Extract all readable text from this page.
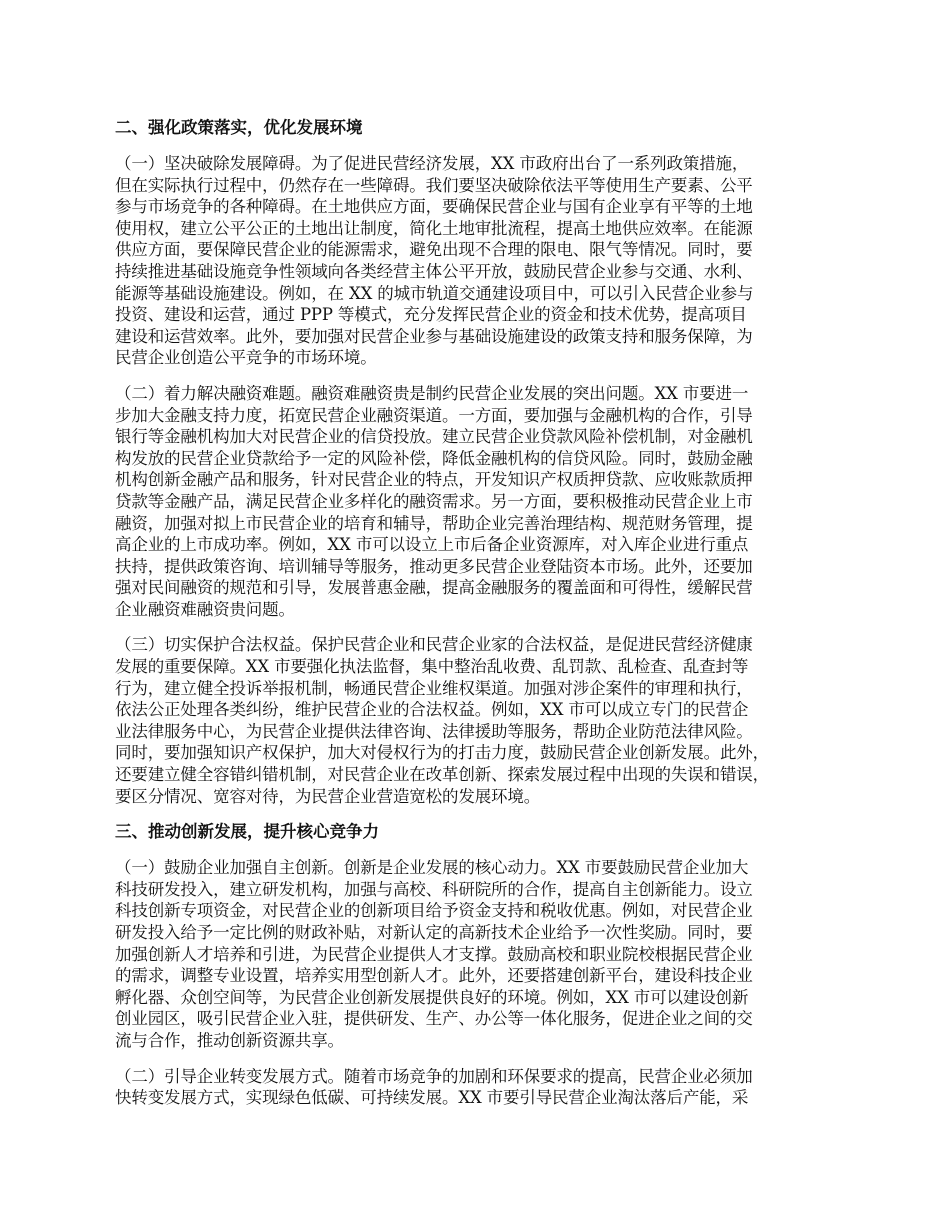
二、强化政策落实，优化发展环境
（一）坚决破除发展障碍。为了促进民营经济发展，XX 市政府出台了一系列政策措施，
但在实际执行过程中，仍然存在一些障碍。我们要坚决破除依法平等使用生产要素、公平
参与市场竞争的各种障碍。在土地供应方面，要确保民营企业与国有企业享有平等的土地
使用权，建立公平公正的土地出让制度，简化土地审批流程，提高土地供应效率。在能源
供应方面，要保障民营企业的能源需求，避免出现不合理的限电、限气等情况。同时，要
持续推进基础设施竞争性领域向各类经营主体公平开放，鼓励民营企业参与交通、水利、
能源等基础设施建设。例如，在 XX 的城市轨道交通建设项目中，可以引入民营企业参与
投资、建设和运营，通过 PPP 等模式，充分发挥民营企业的资金和技术优势，提高项目
建设和运营效率。此外，要加强对民营企业参与基础设施建设的政策支持和服务保障，为
民营企业创造公平竞争的市场环境。
（二）着力解决融资难题。融资难融资贵是制约民营企业发展的突出问题。XX 市要进一
步加大金融支持力度，拓宽民营企业融资渠道。一方面，要加强与金融机构的合作，引导
银行等金融机构加大对民营企业的信贷投放。建立民营企业贷款风险补偿机制，对金融机
构发放的民营企业贷款给予一定的风险补偿，降低金融机构的信贷风险。同时，鼓励金融
机构创新金融产品和服务，针对民营企业的特点，开发知识产权质押贷款、应收账款质押
贷款等金融产品，满足民营企业多样化的融资需求。另一方面，要积极推动民营企业上市
融资，加强对拟上市民营企业的培育和辅导，帮助企业完善治理结构、规范财务管理，提
高企业的上市成功率。例如，XX 市可以设立上市后备企业资源库，对入库企业进行重点
扶持，提供政策咨询、培训辅导等服务，推动更多民营企业登陆资本市场。此外，还要加
强对民间融资的规范和引导，发展普惠金融，提高金融服务的覆盖面和可得性，缓解民营
企业融资难融资贵问题。
（三）切实保护合法权益。保护民营企业和民营企业家的合法权益，是促进民营经济健康
发展的重要保障。XX 市要强化执法监督，集中整治乱收费、乱罚款、乱检查、乱查封等
行为，建立健全投诉举报机制，畅通民营企业维权渠道。加强对涉企案件的审理和执行，
依法公正处理各类纠纷，维护民营企业的合法权益。例如，XX 市可以成立专门的民营企
业法律服务中心，为民营企业提供法律咨询、法律援助等服务，帮助企业防范法律风险。
同时，要加强知识产权保护，加大对侵权行为的打击力度，鼓励民营企业创新发展。此外，
还要建立健全容错纠错机制，对民营企业在改革创新、探索发展过程中出现的失误和错误，
要区分情况、宽容对待，为民营企业营造宽松的发展环境。
三、推动创新发展，提升核心竞争力
（一）鼓励企业加强自主创新。创新是企业发展的核心动力。XX 市要鼓励民营企业加大
科技研发投入，建立研发机构，加强与高校、科研院所的合作，提高自主创新能力。设立
科技创新专项资金，对民营企业的创新项目给予资金支持和税收优惠。例如，对民营企业
研发投入给予一定比例的财政补贴，对新认定的高新技术企业给予一次性奖励。同时，要
加强创新人才培养和引进，为民营企业提供人才支撑。鼓励高校和职业院校根据民营企业
的需求，调整专业设置，培养实用型创新人才。此外，还要搭建创新平台，建设科技企业
孵化器、众创空间等，为民营企业创新发展提供良好的环境。例如，XX 市可以建设创新
创业园区，吸引民营企业入驻，提供研发、生产、办公等一体化服务，促进企业之间的交
流与合作，推动创新资源共享。
（二）引导企业转变发展方式。随着市场竞争的加剧和环保要求的提高，民营企业必须加
快转变发展方式，实现绿色低碳、可持续发展。XX 市要引导民营企业淘汰落后产能，采
